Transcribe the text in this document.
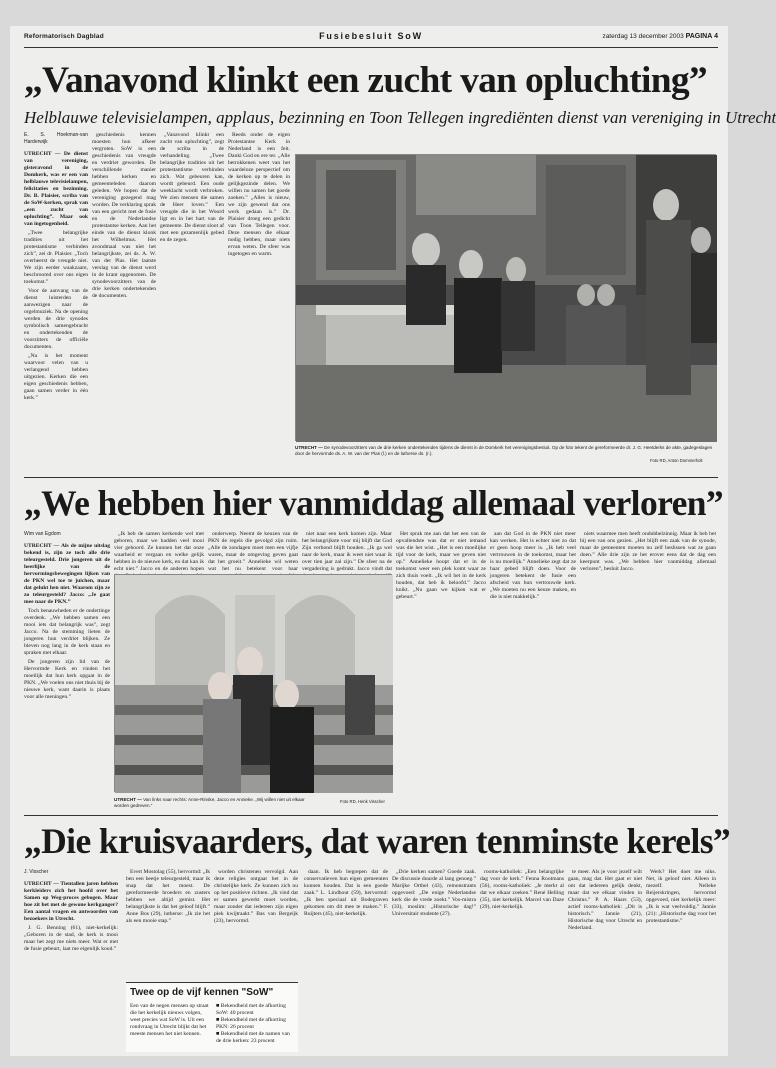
Reformatorisch Dagblad	Fusiebesluit SoW	zaterdag 13 december 2003 PAGINA 4
„Vanavond klinkt een zucht van opluchting”
Helblauwe televisielampen, applaus, bezinning en Toon Tellegen ingrediënten dienst van vereniging in Utrecht
E. S. Hoekman-van Harderwijk

UTRECHT — De dienst van vereniging, gisteravond in de Domkerk, was er een van helblauwe televisielampen, felicitaties en bezinning. Dr. B. Plaisier, scriba van de SoW-kerken, sprak van „een zucht van opluchting”. Maar ook van ingetogenheid.

„Twee belangrijke tradities uit het protestantisme verbinden zich”, zei dr. Plaisier. „Toch overheerst de vreugde niet. We zijn eerder waakzaam, beschroomd over ons eigen toekomst.”

Voor de aanvang van de dienst luisterden de aanwezigen naar de orgelmuziek. Na de opening werden de drie synodes symbolisch samengebracht en ondertekenden de voorzitters de officiële documenten.

„Nu is het moment waarvoor velen van u verlangend hebben uitgezien. Kerken die een eigen geschiedenis hebben, gaan samen verder in één kerk.”

geschiedenis kennen moesten hun afkeer vergroten. SoW is een geschiedenis van vreugde en verdriet geworden. De verschillende manier hebben kerken en gemeenteleden daarom geleden. We hopen dat de vereniging gezegend mag worden. De verklaring sprak van een gericht met de fusie en de Nederlandse protestantse kerken. Aan het einde van de dienst klonk het Wilhelmus. Het avondmaal was niet het belangrijkste, zei ds. A. W. van der Plas. Het laatste verslag van de dienst werd in de krant opgenomen. De synodevoorzitters van de drie kerken ondertekenden de documenten.

„Vanavond klinkt een zucht van opluchting”, zegt de scriba in de verhandeling. „Twee belangrijke tradities uit het protestantisme verbinden zich. Wat gebeuren kan, wordt gebeurd. Een oude weeklacht wordt verbroken. We zien mensen die samen de Heer loven.” Een vreugde die in het Woord ligt en in het hart van de gemeente. De dienst sloot af met een gezamenlijk gebed en de zegen.

Reeds onder de eigen Protestantse Kerk in Nederland is een feit. Danki God en ere ter. „Alle betrokkenen weet van het waardeloze perspectief om de kerken op te delen in gelijkgezinde delen. We willen nu samen het goede zoeken.” „Alles is nieuw, we zijn gewend dat ons werk gedaan is.” Dr. Plaisier droeg een gedicht van Toon Tellegen voor. Deze mensen die elkaar nodig hebben, maar niets ervan weten. De sfeer was ingetogen en warm.

UTRECHT — De synodevoorzitters van de drie kerken ondertekenden tijdens de dienst in de Domkerk het verenigingsbesluit. Op de foto tekent de gereformeerde dr. J. G. Heetderks de akte, gadegeslagen door de hervormde ds. A. W. van der Plas (l.) en de lutherse ds. (r.).
Foto RD, Anton Dommerholt
„We hebben hier vanmiddag allemaal verloren”
Wim van Egdom

UTRECHT — Als de mijne uitslag bekend is, zijn ze toch alle drie teleurgesteld. Drie jongeren uit de heerlijke van de hervormingsbewegingen lijken van de PKN wel toe te juichen, maar dat gelukt hen niet. Waarom zijn ze zo teleurgesteld? Jacco: „Je gaat mee naar de PKN.”

Toch benauwheden er de ondertinge overdenk. „We hebben samen een mooi iets dat belangrijk was”, zegt Jacco. Na de stemming lieten de jongeren hun verdriet blijken. Ze bleven nog lang in de kerk staan en spraken met elkaar.

De jongeren zijn lid van de Hervormde Kerk en vinden het moeilijk dat hun kerk opgaat in de PKN. „We voelen ons niet thuis bij de nieuwe kerk, want daarin is plaats voor alle meningen.”

„Ik heb de samen kerkende wel met geboren, maar we hadden veel mooi vier gehoord. Ze kunnen het dat onze waarheid er vergaan en welke gelijk hebben in de nieuwe kerk, en dat kan ik echt niet.” Jacco en de anderen hopen

onderwerp. Neemt de keuzen van de PKN de regels die gevolgd zijn ruim. „Alle de zondagen moet men een vijfje waren, maar de omgeving geven gaat dat het groeit.” Annelieke wil weten wat het nu betekent voor haar

niet naar een kerk komen zijn. Maar het belangrijkste voor mij blijft dat God Zijn verbond blijft houden. „Ik ga wel naar de kerk, maar ik weet niet waar ik over tien jaar zal zijn.” De sfeer na de vergadering is gedrukt. Jacco vindt dat

Het sprak me aan dat het een van de opvallendste was dat er niet iemand was die het wist. „Het is een moeilijke tijd voor de kerk, maar we geven niet op.” Annelieke hoopt dat er in de toekomst weer een plek komt waar ze zich thuis voelt. „Ik wil het in de kerk houden, dat heb ik beloofd.” Jacco knikt. „Nu gaan we kijken wat er gebeurt.”

aan dat God in de PKN niet meer kan werken. Het is echter niet zo dat er geen hoop meer is. „Ik heb veel vertrouwen in de toekomst, maar het is nu moeilijk.” Annelieke zegt dat ze haar gebed blijft doen. Voor de jongeren betekent de fusie een afscheid van hun vertrouwde kerk. „We moeten nu een keuze maken, en die is niet makkelijk.”

niets waarmee men heeft ondubbelzinnig. Maar ik heb het bij een van ons gezien. „Het blijft een zaak van de synode, maar de gemeenten moeten nu zelf beslissen wat ze gaan doen.” Alle drie zijn ze het erover eens dat de dag een keerpunt was. „We hebben hier vanmiddag allemaal verloren”, besluit Jacco.

UTRECHT — Van links naar rechts: Anne-Rinske, Jacco en Annieke. „Wij willen niet uit elkaar worden gedreven.”
Foto RD, Henk Visscher
„Die kruisvaarders, dat waren tenminste kerels”
J. Visscher

UTRECHT — Tientallen jaren hebben kerkleiders zich het hoofd over het Samen op Weg-proces gebogen. Maar hoe zit het met de gewone kerkganger? Een aantal vragen en antwoorden van bezoekers in Utrecht.

J. G. Benning (61), niet-kerkelijk: „Geboren in de stad, de kerk is mooi maar het zegt me niets meer. Wat er met de fusie gebeurt, laat me eigenlijk koud.”

Evert Mostolag (55), hervormd: „Ik ben een beetje teleurgesteld, maar ik snap dat het moest. De gereformeerde broeders en zusters hebben we altijd gemist. Het belangrijkste is dat het geloof blijft.” Anne Bos (29), lutherse: „Ik zie het als een mooie stap.”

worden christenen vervolgd. Aan deze religies ontgaat het in de christelijke kerk. Ze kunnen zich nu op het positieve richten. „Ik vind dat er samen gewerkt moet worden, maar zonder dat iedereen zijn eigen plek kwijtraakt.” Bas van Bergeijk (23), hervormd.

daan. Ik heb begrepen dat de conservatieven hun eigen gemeenten kunnen houden. Dat is een goede zaak.” L. Lindhout (59), hervormd: „Ik ben speciaal uit Bodegraven gekomen om dit mee te maken.” F. Ruijters (45), niet-kerkelijk.

„Drie kerken samen? Goede zaak. De discussie duurde al lang genoeg.” Marijke Orthel (43), remonstrants opgevoed: „De enige Nederlandse kerk die de vrede zoekt.” Vos-mistra (33), moslim: „Historische dag!” Universitair studente (27).

rooms-katholiek: „Een belangrijke dag voor de kerk.” Fenna Rootmans (56), rooms-katholiek: „Je merkt al dat we elkaar zoeken.” René Helling (35), niet kerkelijk. Marcel van Daze (29), niet-kerkelijk.

te meer. Als je voor jezelf wilt gaan, mag dat. Het gaat er niet om dat iedereen gelijk denkt, maar dat we elkaar vinden in Christus.” P. A. Haars (53), actief rooms-katholiek: „Dit is historisch.” Jannie (21), Historische dag voor Utrecht en Nederland.

Werk? Het doet me niks. Net, ik geloof niet. Alleen in mezelf. Nelleke Reijerskringen, hervormd opgevoed, niet kerkelijk meer: „Ik is wat veelvuldig.” Jannie (21): „Historische dag voor het protestantisme.”

Twee op de vijf kennen "SoW"
Een van de negen mensen op straat die het kerkelijk nieuws volgen, weet precies wat SoW is. Uit een rondvraag in Utrecht blijkt dat het meeste mensen het niet kennen.
■ Bekendheid met de afkorting SoW: 40 procent
■ Bekendheid met de afkorting PKN: 26 procent
■ Bekendheid met de namen van de drie kerken: 23 procent
